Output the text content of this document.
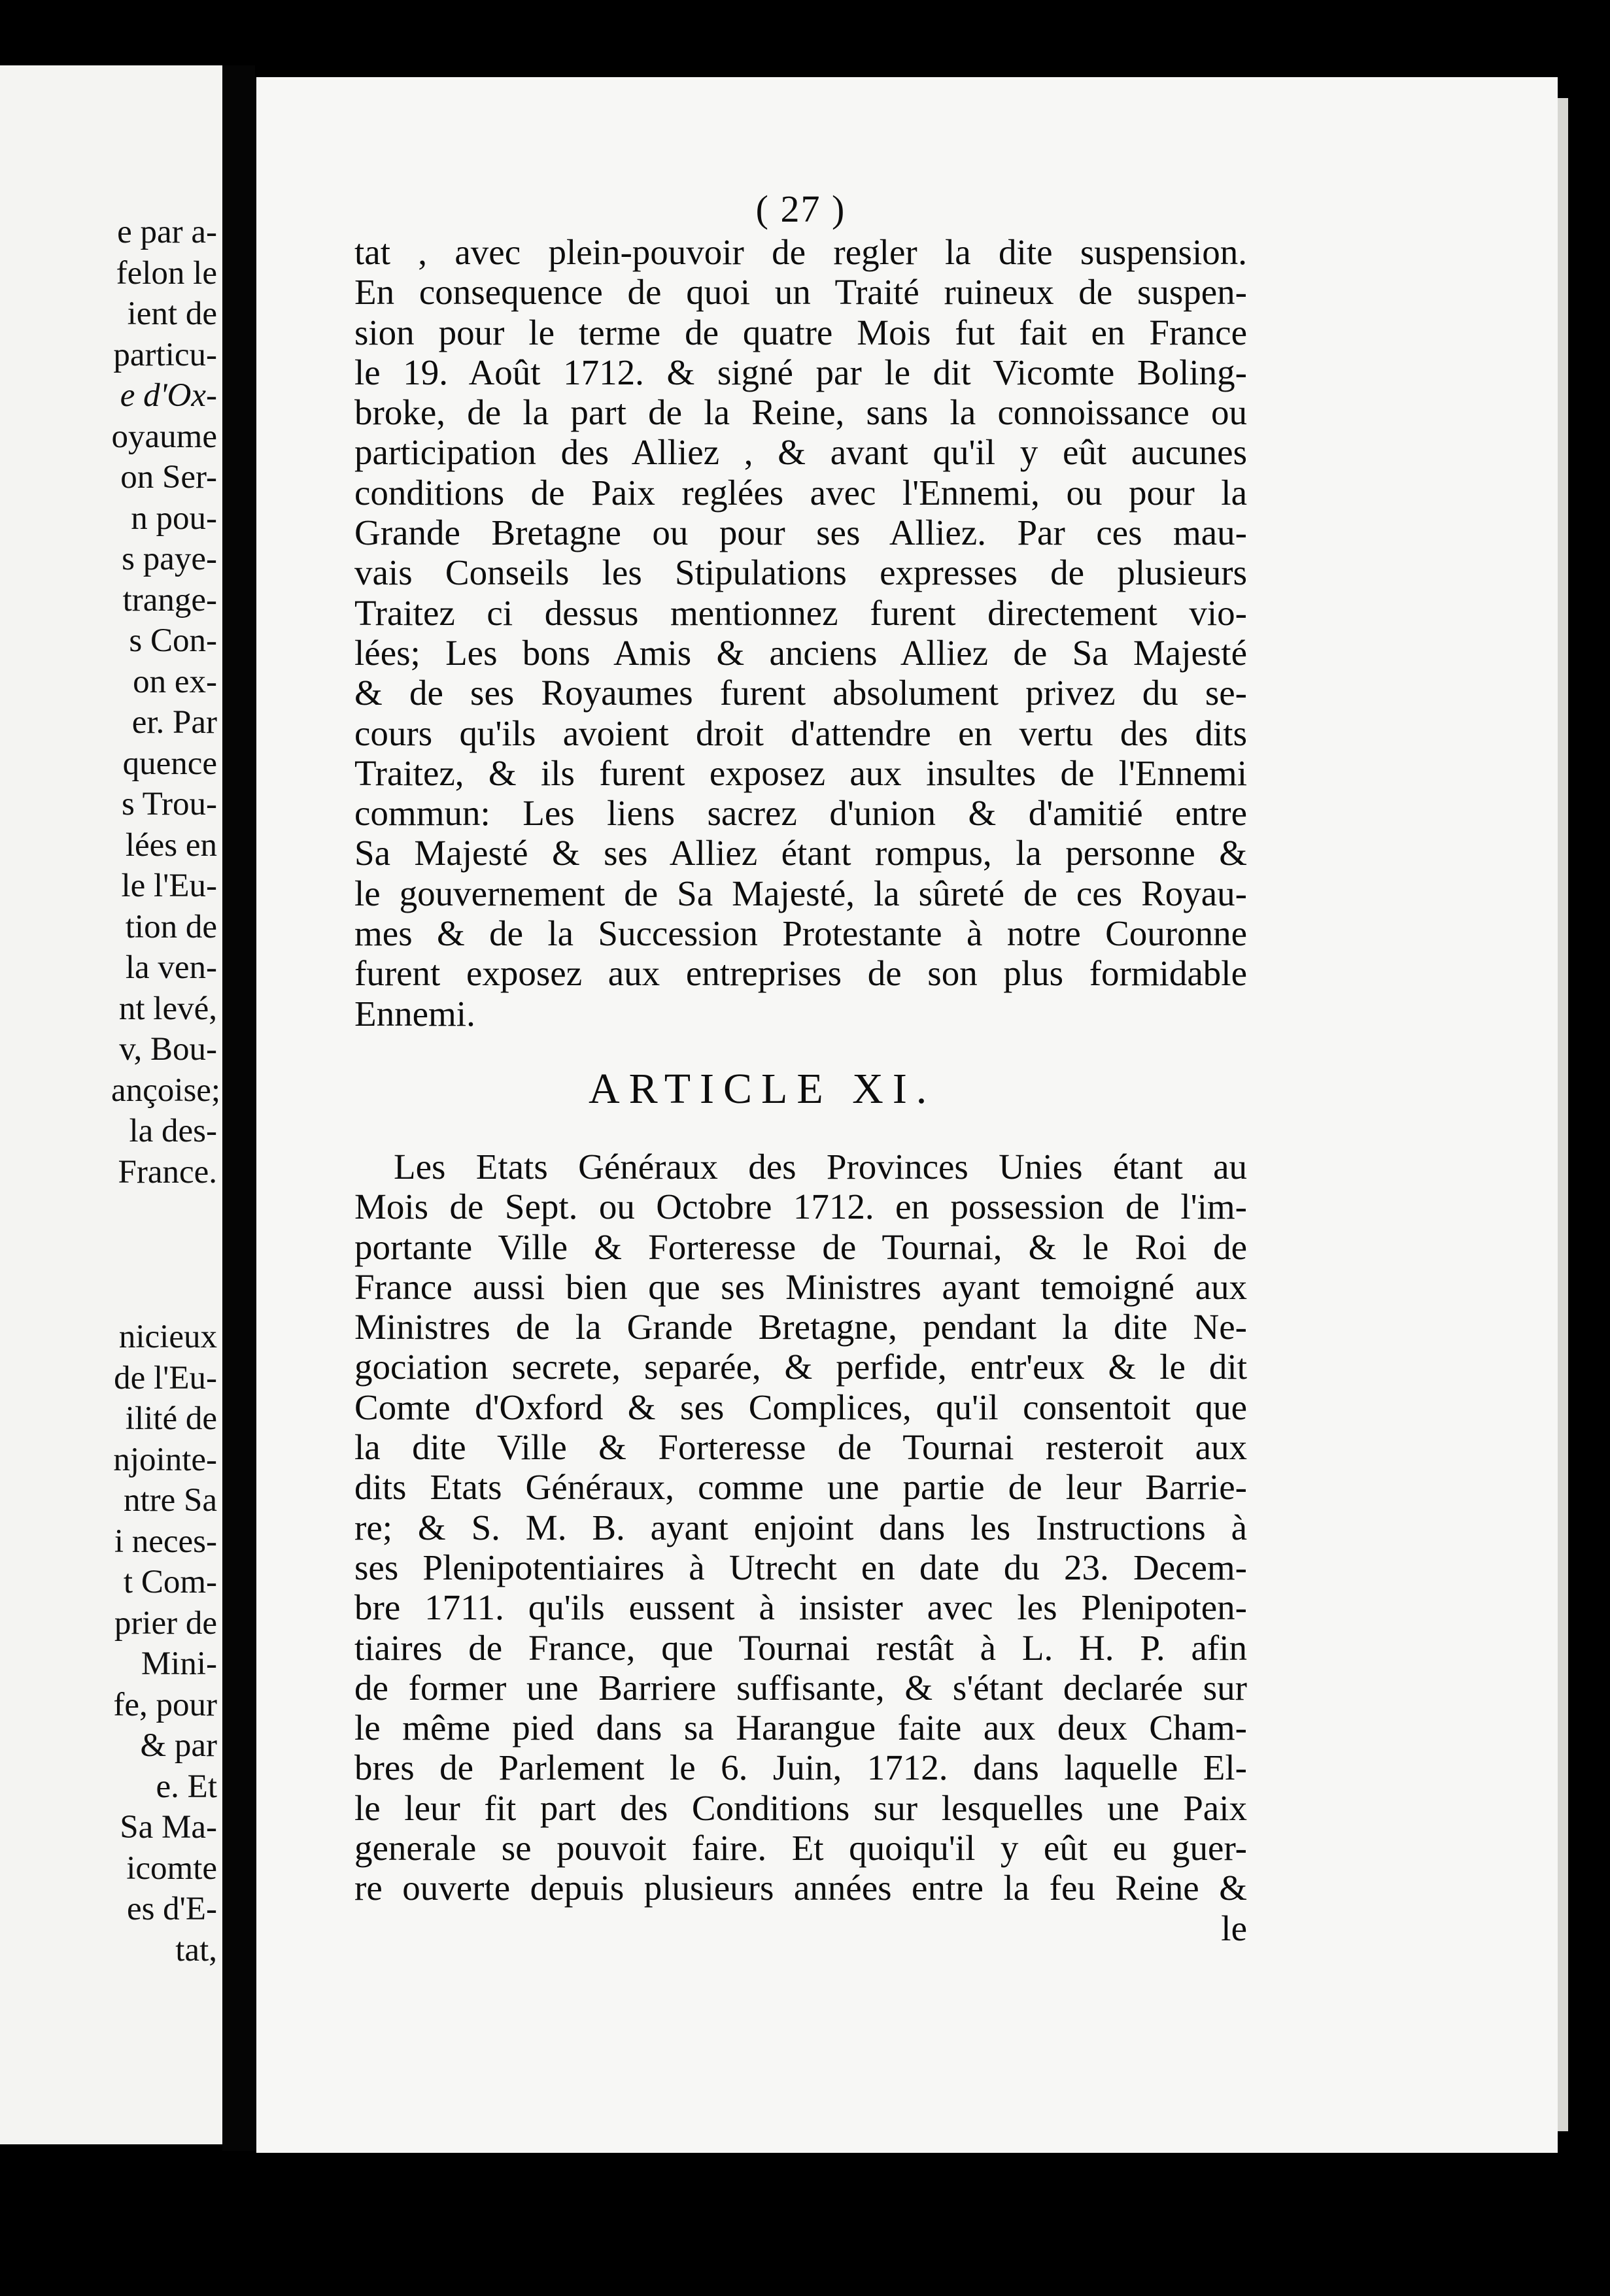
e par a-
felon le
ient de
particu-
e d'Ox-
oyaume
on Ser-
n pou-
s paye-
trange-
s Con-
on ex-
er. Par
quence
s Trou-
lées en
le l'Eu-
tion de
la ven-
nt levé,
v, Bou-
ançoise;
la des-
France.
nicieux
de l'Eu-
ilité de
njointe-
ntre Sa
i neces-
t Com-
prier de
Mini-
fe, pour
& par
e. Et
Sa Ma-
icomte
es d'E-
tat,
( 27 )
tat , avec plein-pouvoir de regler la dite suspension.
En consequence de quoi un Traité ruineux de suspen-
sion pour le terme de quatre Mois fut fait en France
le 19. Août 1712. & signé par le dit Vicomte Boling-
broke, de la part de la Reine, sans la connoissance ou
participation des Alliez , & avant qu'il y eût aucunes
conditions de Paix reglées avec l'Ennemi, ou pour la
Grande Bretagne ou pour ses Alliez. Par ces mau-
vais Conseils les Stipulations expresses de plusieurs
Traitez ci dessus mentionnez furent directement vio-
lées; Les bons Amis & anciens Alliez de Sa Majesté
& de ses Royaumes furent absolument privez du se-
cours qu'ils avoient droit d'attendre en vertu des dits
Traitez, & ils furent exposez aux insultes de l'Ennemi
commun: Les liens sacrez d'union & d'amitié entre
Sa Majesté & ses Alliez étant rompus, la personne &
le gouvernement de Sa Majesté, la sûreté de ces Royau-
mes & de la Succession Protestante à notre Couronne
furent exposez aux entreprises de son plus formidable
Ennemi.
ARTICLE XI.
Les Etats Généraux des Provinces Unies étant au
Mois de Sept. ou Octobre 1712. en possession de l'im-
portante Ville & Forteresse de Tournai, & le Roi de
France aussi bien que ses Ministres ayant temoigné aux
Ministres de la Grande Bretagne, pendant la dite Ne-
gociation secrete, separée, & perfide, entr'eux & le dit
Comte d'Oxford & ses Complices, qu'il consentoit que
la dite Ville & Forteresse de Tournai resteroit aux
dits Etats Généraux, comme une partie de leur Barrie-
re; & S. M. B. ayant enjoint dans les Instructions à
ses Plenipotentiaires à Utrecht en date du 23. Decem-
bre 1711. qu'ils eussent à insister avec les Plenipoten-
tiaires de France, que Tournai restât à L. H. P. afin
de former une Barriere suffisante, & s'étant declarée sur
le même pied dans sa Harangue faite aux deux Cham-
bres de Parlement le 6. Juin, 1712. dans laquelle El-
le leur fit part des Conditions sur lesquelles une Paix
generale se pouvoit faire. Et quoiqu'il y eût eu guer-
re ouverte depuis plusieurs années entre la feu Reine &
le
